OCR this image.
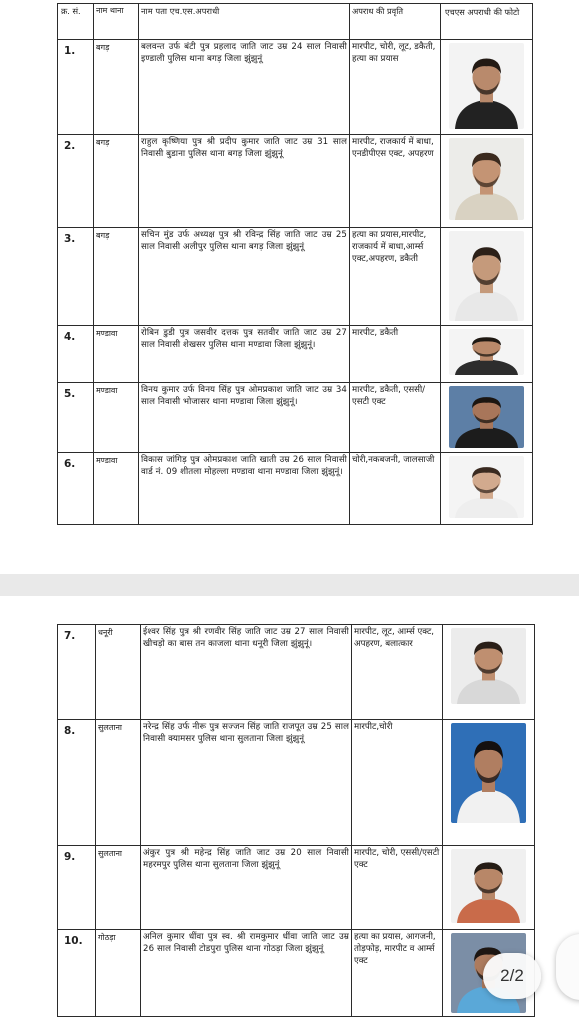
क्र. सं.	नाम थाना	नाम पता एच.एस.अपराधी	अपराध की प्रवृति	एचएस अपराधी की फोटो
1.	बगड़	बलवन्त उर्फ बंटी पुत्र प्रहलाद जाति जाट उम्र 24 साल निवासी इण्डाली पुलिस थाना बगड़ जिला झुंझुनूं	मारपीट, चोरी, लूट, डकैती, हत्या का प्रयास	

2.	बगड़	राहुल कृष्णिया पुत्र श्री प्रदीप कुमार जाति जाट उम्र 31 साल निवासी बुडाना पुलिस थाना बगड़ जिला झुंझुनूं	मारपीट, राजकार्य में बाधा, एनडीपीएस एक्ट, अपहरण	

3.	बगड़	सचिन मुंड उर्फ अध्यक्ष पुत्र श्री रविन्द्र सिंह जाति जाट उम्र 25 साल निवासी अलीपुर पुलिस थाना बगड़ जिला झुंझुनूं	हत्या का प्रयास,मारपीट, राजकार्य में बाधा,आर्म्स एक्ट,अपहरण, डकैती	

4.	मण्डावा	रोबिन डुडी पुत्र जसवीर दत्तक पुत्र सतवीर जाति जाट उम्र 27 साल निवासी शेखसर पुलिस थाना मण्डावा जिला झुंझुनूं।	मारपीट, डकैती	

5.	मण्डावा	विनय कुमार उर्फ विनय सिंह पुत्र ओमप्रकाश जाति जाट उम्र 34 साल निवासी भोजासर थाना मण्डावा जिला झुंझुनूं।	मारपीट, डकैती, एससी/एसटी एक्ट	

6.	मण्डावा	विकास जांगिड़ पुत्र ओमप्रकाश जाति खाती उम्र 26 साल निवासी वार्ड नं. 09 शीतला मोहल्ला मण्डावा थाना मण्डावा जिला झुंझुनूं।	चोरी,नकबजनी, जालसाजी	
7.	धनूरी	ईश्वर सिंह पुत्र श्री रणवीर सिंह जाति जाट उम्र 27 साल निवासी खीचड़ो का बास तन काजला थाना धनूरी जिला झुंझुनूं।	मारपीट, लूट, आर्म्स एक्ट, अपहरण, बलात्कार	

8.	सुलताना	नरेन्द्र सिंह उर्फ नीरू पुत्र सज्जन सिंह जाति राजपूत उम्र 25 साल निवासी क्यामसर पुलिस थाना सुलताना जिला झुंझुनूं	मारपीट,चोरी	

9.	सुलताना	अंकुर पुत्र श्री महेन्द्र सिंह जाति जाट उम्र 20 साल निवासी महरमपुर पुलिस थाना सुलताना जिला झुंझुनूं	मारपीट, चोरी, एससी/एसटी एक्ट	

10.	गोठड़ा	अनिल कुमार धींवा पुत्र स्व. श्री रामकुमार धींवा जाति जाट उम्र 26 साल निवासी टोडपुरा पुलिस थाना गोठड़ा जिला झुंझुनूं	हत्या का प्रयास, आगजनी, तोड़फोड़, मारपीट व आर्म्स एक्ट	
2/2
